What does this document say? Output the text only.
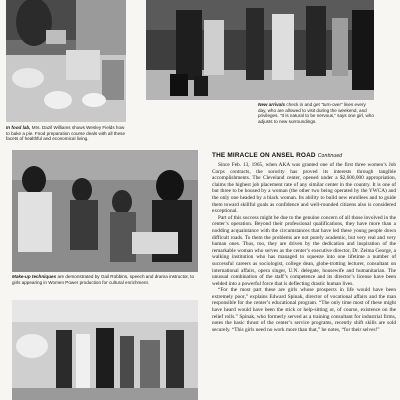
In food lab, Mrs. Dazil Williams shows Wesley Fields how to bake a pie. Food preparation course deals with all these facets of healthful and economical living.

New arrivals check in and get “turn-over” lines every day, who are allowed to visit during the weekend, and privileges. “It is natural to be nervous,” says one girl, who adjusts to new surroundings.

Make-up techniques are demonstrated by Gail Robbins, speech and drama instructor, to girls appearing in Women Power production for cultural enrichment.

THE MIRACLE ON ANSEL ROAD Continued

Since Feb. 13, 1965, when AKA was granted one of the first three women’s Job Corps contracts, the sorority has proved its interests through tangible accomplishments. The Cleveland center, opened under a $2,600,000 appropriation, claims the highest job placement rate of any similar center in the country. It is one of but three to be housed by a woman (the other two being operated by the YWCA) and the only one headed by a black woman. Its ability to build new enrollees and to guide them toward skillful goals as confidence and well-rounded citizens also is considered exceptional.

Part of this success might be due to the genuine concern of all those involved in the center’s operation. Beyond their professional qualifications, they have more than a nodding acquaintance with the circumstances that have led these young people down difficult roads. To them the problems are not purely academic, but very real and very human ones. Thus, too, they are driven by the dedication and inspiration of the remarkable woman who serves as the center’s executive director, Dr. Zelma George, a walking institution who has managed to squeeze into one lifetime a number of successful careers as sociologist, college dean, globe-trotting lecturer, consultant on international affairs, opera singer, U.N. delegate, housewife and humanitarian. The unusual combination of the staff’s competence and its director’s license have been welded into a powerful force that is deflecting drastic human lives.

“For the most part these are girls whose prospects in life would have been extremely poor,” explains Edward Spinak, director of vocational affairs and the man responsible for the center’s educational program. “The only time most of these might have heard would have been the stick or help-sitting or, of course, existence on the relief rolls.” Spinak, who formerly served as a training consultant for industrial firms, notes the basic thrust of the center’s service programs, recently shift skills are sold securely. “This girls need no work more than that,” he notes, “for their selves!”
